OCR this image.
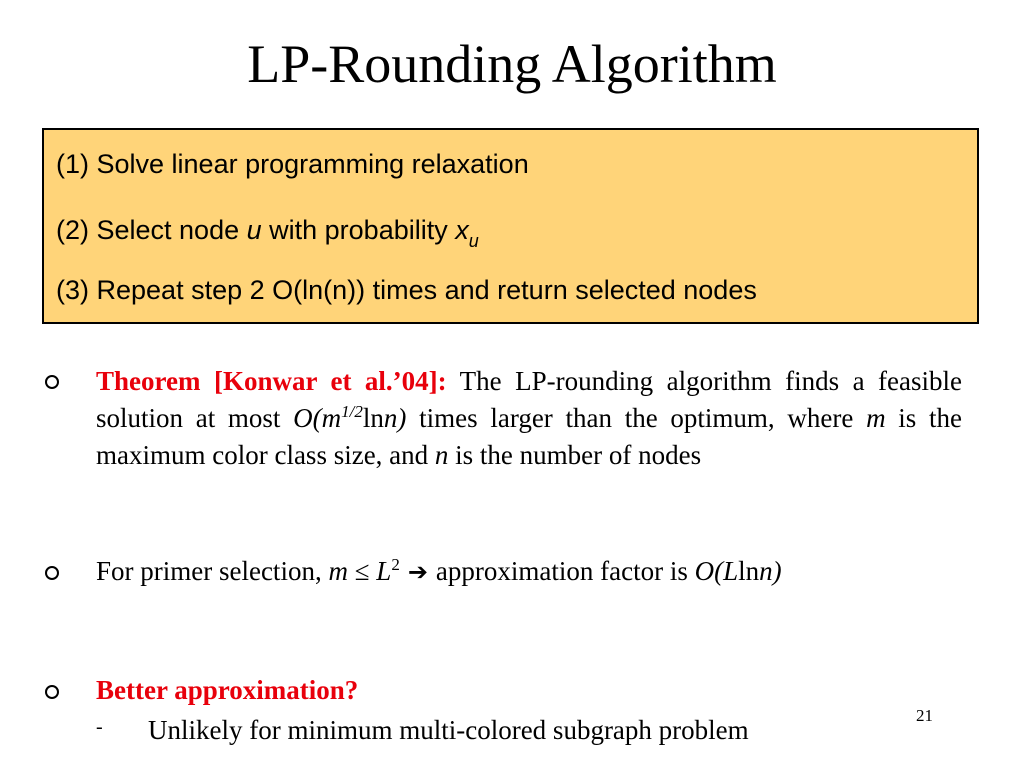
LP-Rounding Algorithm
(1) Solve linear programming relaxation
(2) Select node u with probability $x_u$
(3) Repeat step 2 O(ln(n)) times and return selected nodes
Theorem [Konwar et al.’04]: The LP-rounding algorithm finds a feasible solution at most $O(m^{1/2}\ln n)$ times larger than the optimum, where m is the maximum color class size, and n is the number of nodes
For primer selection, $m \le L^2$ ➔ approximation factor is O(Llnn)
Better approximation?
- Unlikely for minimum multi-colored subgraph problem	21
